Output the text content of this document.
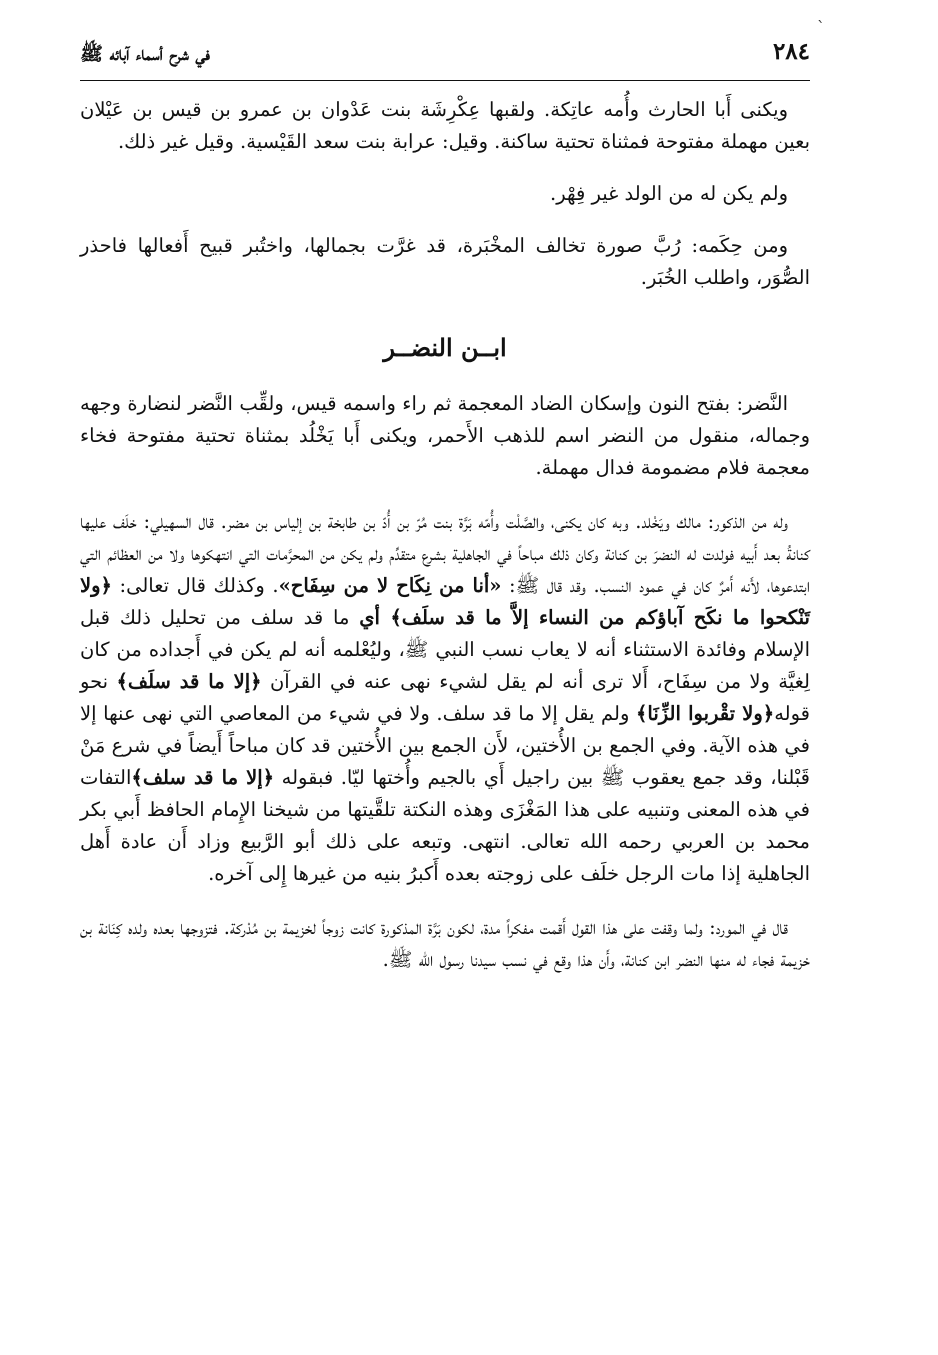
ˋ
٢٨٤
في شرح أسماء آبائه ﷺ

ويكنى أَبا الحارث وأُمه عاتِكة. ولقبها عِكْرِشَة بنت عَدْوان بن عمرو بن قيس بن عَيْلان بعين مهملة مفتوحة فمثناة تحتية ساكنة. وقيل: عرابة بنت سعد القَيْسية. وقيل غير ذلك.

ولم يكن له من الولد غير فِهْر.

ومن حِكَمه: رُبَّ صورة تخالف المخْبَرة، قد غرَّت بجمالها، واختُبر قبيح أَفعالها فاحذر الصُّوَر، واطلب الخُبَر.

ابــن النضــر

النَّضر: بفتح النون وإسكان الضاد المعجمة ثم راء واسمه قيس، ولقِّب النَّضر لنضارة وجهه وجماله، منقول من النضر اسم للذهب الأَحمر، ويكنى أَبا يَخْلُد بمثناة تحتية مفتوحة فخاء معجمة فلام مضمومة فدال مهملة.

وله من الذكور: مالك ويَخْلد. وبه كان يكنى، والصَّلْت وأُمّه بَرَّة بنت مُرّ بن أُدّ بن طابخة بن إلياس بن مضر. قال السهيلي: خلَف عليها كنانةُ بعد أَبيه فولدت له النضرَ بن كنانة وكان ذلك مباحاً في الجاهلية بشرع متقدِّم ولم يكن من المحرَّمات التي انتهكوها ولا من العظائم التي ابتدعوها، لأَنه أَمرٌ كان في عمود النسب. وقد قال ﷺ: «أنا من نِكَاح لا من سِفَاح». وكذلك قال تعالى: ﴿ولا تَنْكحوا ما نكَح آباؤكم من النساء إلاَّ ما قد سلَف﴾ أي ما قد سلف من تحليل ذلك قبل الإسلام وفائدة الاستثناء أنه لا يعاب نسب النبي ﷺ، وليُعْلمه أنه لم يكن في أَجداده من كان لِغيَّة ولا من سِفَاح، أَلا ترى أنه لم يقل لشيء نهى عنه في القرآن ﴿إلا ما قد سلَف﴾ نحو قوله﴿ولا تقْربوا الزِّنَا﴾ ولم يقل إلا ما قد سلف. ولا في شيء من المعاصي التي نهى عنها إلا في هذه الآية. وفي الجمع بن الأُختين، لأَن الجمع بين الأُختين قد كان مباحاً أَيضاً في شرع مَنْ قَبْلنا، وقد جمع يعقوب ﷺ بين راجيل أَي بالجيم وأُختها ليّا. فبقوله ﴿إلا ما قد سلف﴾التفات في هذه المعنى وتنبيه على هذا المَغْزَى وهذه النكتة تلقَّيتها من شيخنا الإِمام الحافظ أَبي بكر محمد بن العربي رحمه الله تعالى. انتهى. وتبعه على ذلك أبو الرَّبيع وزاد أَن عادة أَهل الجاهلية إذا مات الرجل خلَف على زوجته بعده أَكبرُ بنيه من غيرها إِلى آخره.

قال في المورد: ولما وقفت على هذا القول أَقمت مفكراً مدة، لكون بَرَّة المذكورة كانت زوجاً لخزيمة بن مُدْركة. فتزوجها بعده ولده كِنَانة بن خزيمة فجاء له منها النضر ابن كنانة، وأَن هذا وقع في نسب سيدنا رسول الله ﷺ.
